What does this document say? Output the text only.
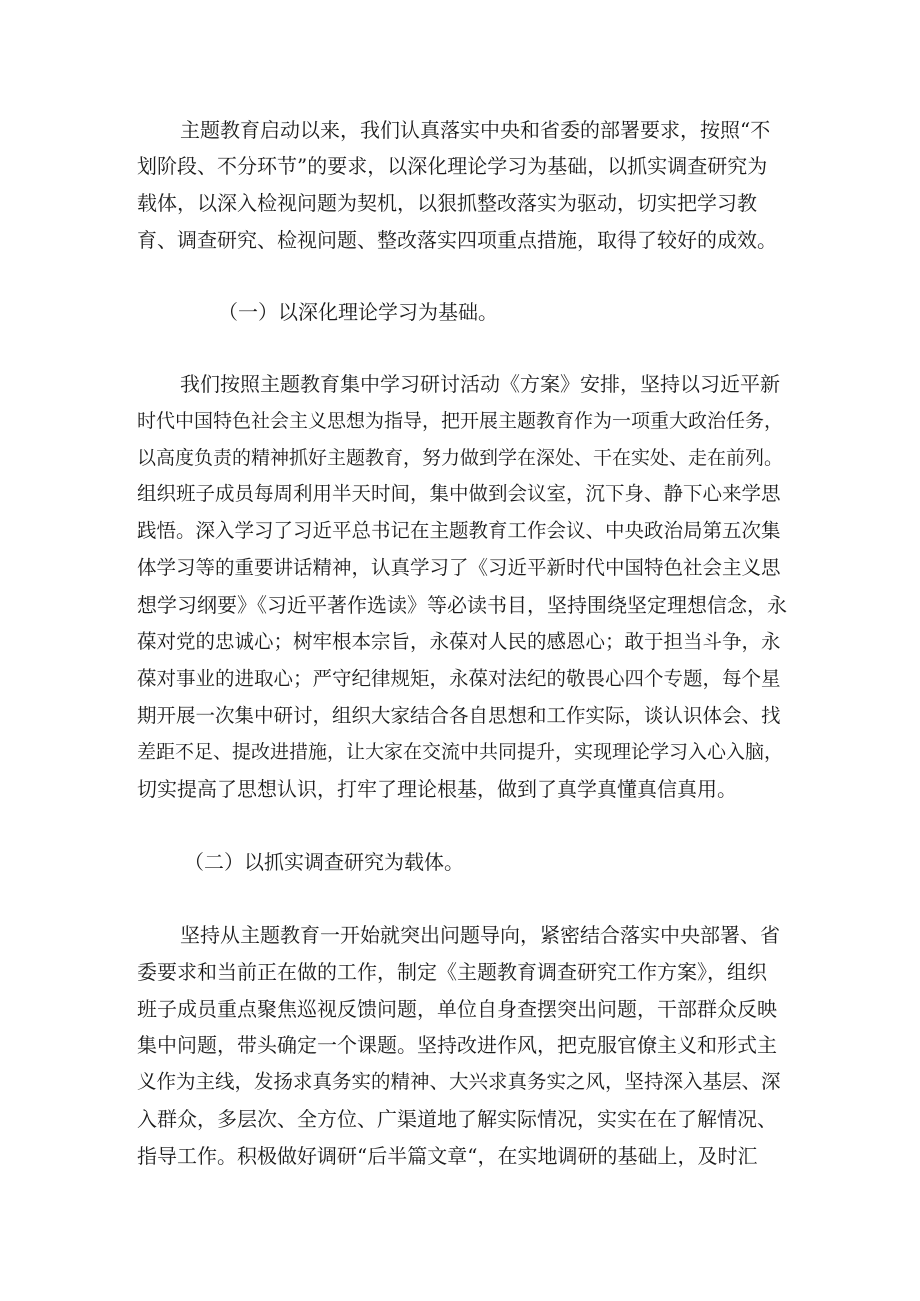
主题教育启动以来，我们认真落实中央和省委的部署要求，按照“不

划阶段、不分环节”的要求，以深化理论学习为基础，以抓实调查研究为

载体，以深入检视问题为契机，以狠抓整改落实为驱动，切实把学习教

育、调查研究、检视问题、整改落实四项重点措施，取得了较好的成效。

（一）以深化理论学习为基础。

我们按照主题教育集中学习研讨活动《方案》安排，坚持以习近平新

时代中国特色社会主义思想为指导，把开展主题教育作为一项重大政治任务，

以高度负责的精神抓好主题教育，努力做到学在深处、干在实处、走在前列。

组织班子成员每周利用半天时间，集中做到会议室，沉下身、静下心来学思

践悟。深入学习了习近平总书记在主题教育工作会议、中央政治局第五次集

体学习等的重要讲话精神，认真学习了《习近平新时代中国特色社会主义思

想学习纲要》《习近平著作选读》等必读书目，坚持围绕坚定理想信念，永

葆对党的忠诚心；树牢根本宗旨，永葆对人民的感恩心；敢于担当斗争，永

葆对事业的进取心；严守纪律规矩，永葆对法纪的敬畏心四个专题，每个星

期开展一次集中研讨，组织大家结合各自思想和工作实际，谈认识体会、找

差距不足、提改进措施，让大家在交流中共同提升，实现理论学习入心入脑，

切实提高了思想认识，打牢了理论根基，做到了真学真懂真信真用。

（二）以抓实调查研究为载体。

坚持从主题教育一开始就突出问题导向，紧密结合落实中央部署、省

委要求和当前正在做的工作，制定《主题教育调查研究工作方案》，组织

班子成员重点聚焦巡视反馈问题，单位自身查摆突出问题，干部群众反映

集中问题，带头确定一个课题。坚持改进作风，把克服官僚主义和形式主

义作为主线，发扬求真务实的精神、大兴求真务实之风，坚持深入基层、深

入群众，多层次、全方位、广渠道地了解实际情况，实实在在了解情况、

指导工作。积极做好调研“后半篇文章“，在实地调研的基础上，及时汇
